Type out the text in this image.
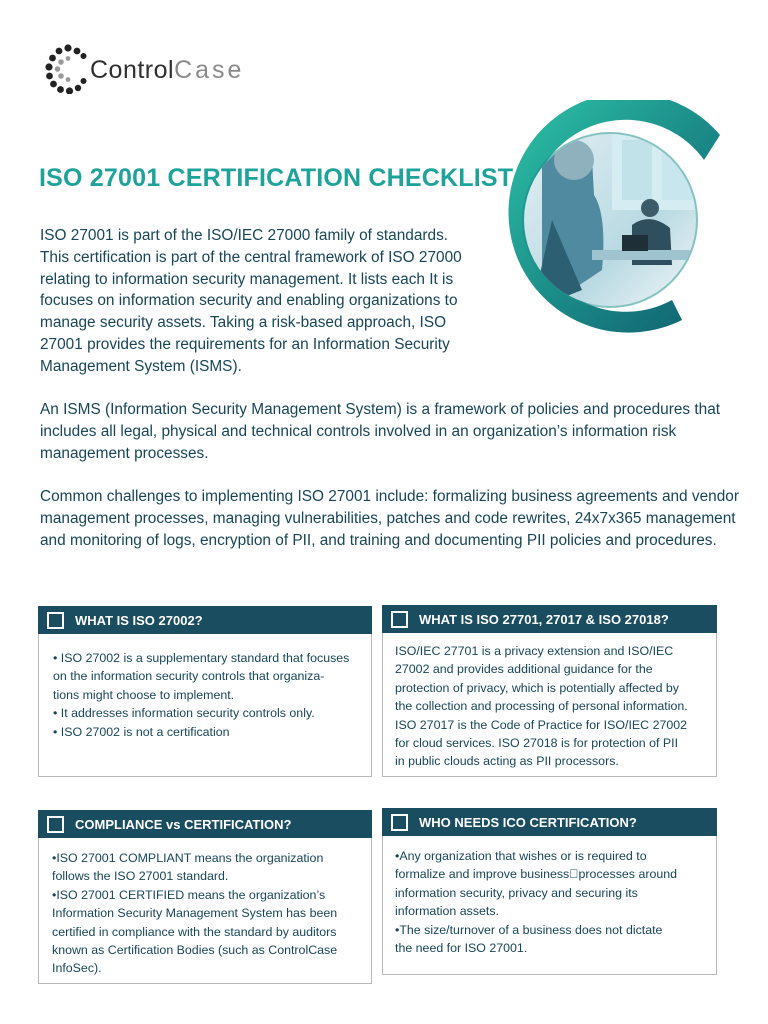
ControlCase
ISO 27001 CERTIFICATION CHECKLIST

ISO 27001 is part of the ISO/IEC 27000 family of standards. This certification is part of the central framework of ISO 27000 relating to information security management. It lists each It is focuses on information security and enabling organizations to manage security assets. Taking a risk-based approach, ISO 27001 provides the requirements for an Information Security Management System (ISMS).

An ISMS (Information Security Management System) is a framework of policies and procedures that includes all legal, physical and technical controls involved in an organization’s information risk management processes.

Common challenges to implementing ISO 27001 include: formalizing business agreements and vendor management processes, managing vulnerabilities, patches and code rewrites, 24x7x365 management and monitoring of logs, encryption of PII, and training and documenting PII policies and procedures.

WHAT IS ISO 27002?
• ISO 27002 is a supplementary standard that focuses
on the information security controls that organiza-
tions might choose to implement.
• It addresses information security controls only.
• ISO 27002 is not a certification
WHAT IS ISO 27701, 27017 & ISO 27018?
ISO/IEC 27701 is a privacy extension and ISO/IEC
27002 and provides additional guidance for the
protection of privacy, which is potentially affected by
the collection and processing of personal information.
ISO 27017 is the Code of Practice for ISO/IEC 27002
for cloud services. ISO 27018 is for protection of PII
in public clouds acting as PII processors.
COMPLIANCE vs CERTIFICATION?
•ISO 27001 COMPLIANT means the organization
follows the ISO 27001 standard.
•ISO 27001 CERTIFIED means the organization’s
Information Security Management System has been
certified in compliance with the standard by auditors
known as Certification Bodies (such as ControlCase
InfoSec).
WHO NEEDS ICO CERTIFICATION?
•Any organization that wishes or is required to
formalize and improve business processes around
information security, privacy and securing its
information assets.
•The size/turnover of a business does not dictate
the need for ISO 27001.
